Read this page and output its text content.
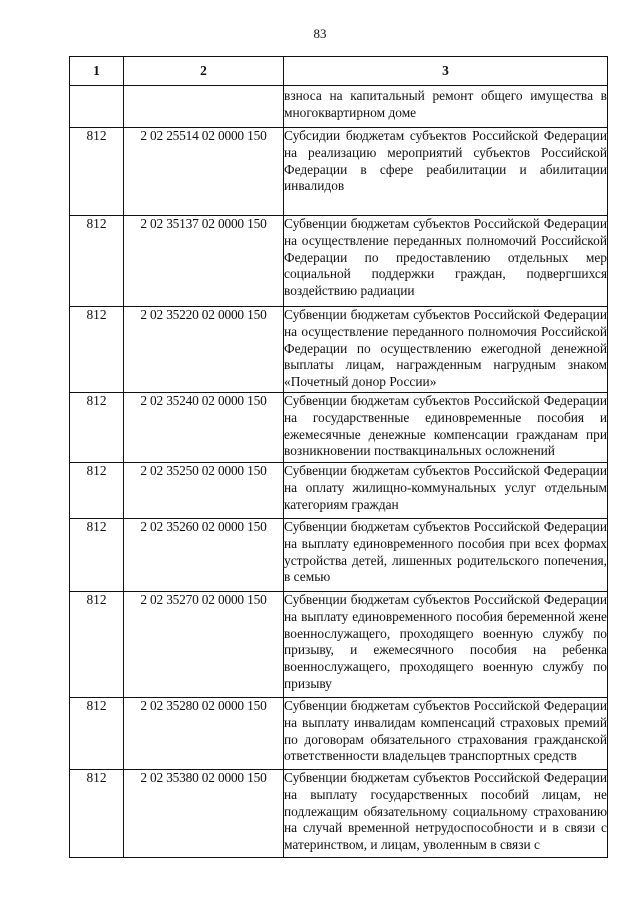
83
1	2	3
		взноса на капитальный ремонт общего имущества в многоквартирном доме
812	2 02 25514 02 0000 150	Субсидии бюджетам субъектов Российской Федерации на реализацию мероприятий субъектов Российской Федерации в сфере реабилитации и абилитации инвалидов
812	2 02 35137 02 0000 150	Субвенции бюджетам субъектов Российской Федерации на осуществление переданных полномочий Российской Федерации по предоставлению отдельных мер социальной поддержки граждан, подвергшихся воздействию радиации
812	2 02 35220 02 0000 150	Субвенции бюджетам субъектов Российской Федерации на осуществление переданного полномочия Российской Федерации по осуществлению ежегодной денежной выплаты лицам, награжденным нагрудным знаком «Почетный донор России»
812	2 02 35240 02 0000 150	Субвенции бюджетам субъектов Российской Федерации на государственные единовременные пособия и ежемесячные денежные компенсации гражданам при возникновении поствакцинальных осложнений
812	2 02 35250 02 0000 150	Субвенции бюджетам субъектов Российской Федерации на оплату жилищно-коммунальных услуг отдельным категориям граждан
812	2 02 35260 02 0000 150	Субвенции бюджетам субъектов Российской Федерации на выплату единовременного пособия при всех формах устройства детей, лишенных родительского попечения, в семью
812	2 02 35270 02 0000 150	Субвенции бюджетам субъектов Российской Федерации на выплату единовременного пособия беременной жене военнослужащего, проходящего военную службу по призыву, и ежемесячного пособия на ребенка военнослужащего, проходящего военную службу по призыву
812	2 02 35280 02 0000 150	Субвенции бюджетам субъектов Российской Федерации на выплату инвалидам компенсаций страховых премий по договорам обязательного страхования гражданской ответственности владельцев транспортных средств
812	2 02 35380 02 0000 150	Субвенции бюджетам субъектов Российской Федерации на выплату государственных пособий лицам, не подлежащим обязательному социальному страхованию на случай временной нетрудоспособности и в связи с материнством, и лицам, уволенным в связи с
